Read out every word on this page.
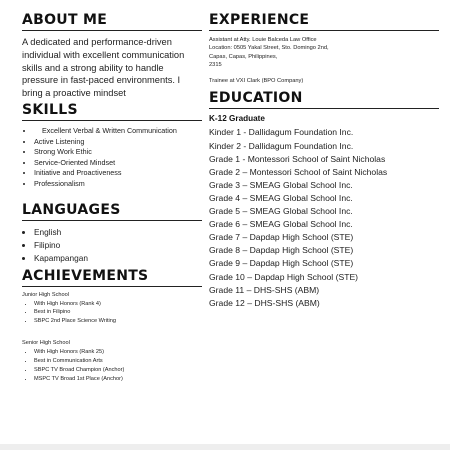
ABOUT ME

A dedicated and performance-driven individual with excellent communication skills and a strong ability to handle pressure in fast-paced environments. I bring a proactive mindset

SKILLS
• Excellent Verbal & Written Communication
• Active Listening
• Strong Work Ethic
• Service-Oriented Mindset
• Initiative and Proactiveness
• Professionalism
LANGUAGES
• English
• Filipino
• Kapampangan
ACHIEVEMENTS

Junior High School

• With High Honors (Rank 4)
• Best in Filipino
• SBPC 2nd Place Science Writing

Senior High School

• With High Honors (Rank 25)
• Best in Communication Arts
• SBPC TV Broad Champion (Anchor)
• MSPC TV Broad 1st Place (Anchor)
EXPERIENCE

Assistant at Atty. Louie Balceda Law Office

Location: 0505 Yakal Street, Sto. Domingo 2nd,

Capas, Capas, Philippines,

2315

Trainee at VXI Clark (BPO Company)

EDUCATION

K-12 Graduate

Kinder 1 - Dallidagum Foundation Inc.

Kinder 2 - Dallidagum Foundation Inc.

Grade 1 - Montessori School of Saint Nicholas

Grade 2 – Montessori School of Saint Nicholas

Grade 3 – SMEAG Global School Inc.

Grade 4 – SMEAG Global School Inc.

Grade 5 – SMEAG Global School Inc.

Grade 6 – SMEAG Global School Inc.

Grade 7 – Dapdap High School (STE)

Grade 8 – Dapdap High School (STE)

Grade 9 – Dapdap High School (STE)

Grade 10 – Dapdap High School (STE)

Grade 11 – DHS-SHS (ABM)

Grade 12 – DHS-SHS (ABM)
